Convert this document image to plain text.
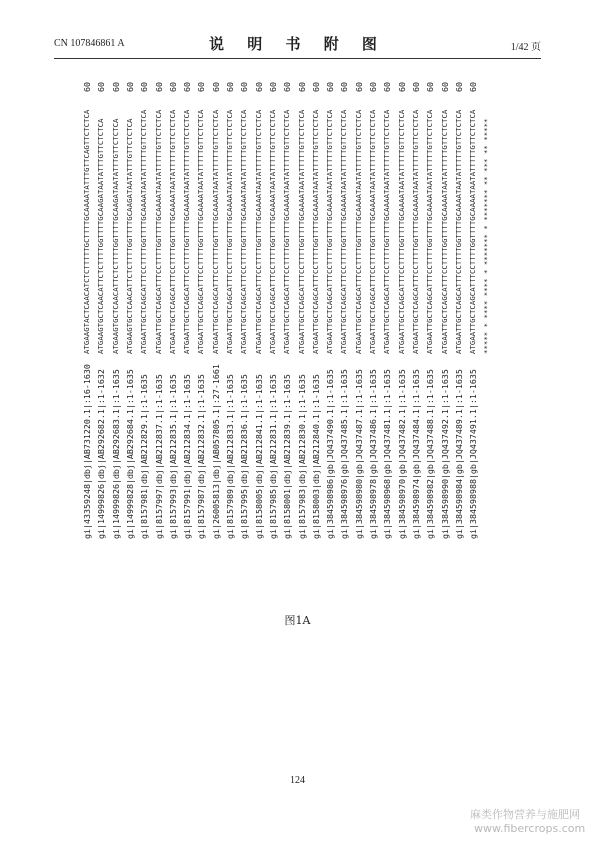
CN 107846861 A	说 明 书 附 图	1/42 页
gi|43359248|dbj|AB731220.1|:16-1630
ATGAAGTACTCAACATCTCTTTTTGCTTTTGCAAAATATTTGTTCAGTTCTCTCA
60
gi|14999826|dbj|AB292682.1|:1-1632
ATGAAGTGCTCAACATTCTCTTTTGGTTTTGCAAGATAATATTTGTTCTCTCA
60
gi|14999826|dbj|AB292683.1|:1-1635
ATGAAGTGCTCAACATTCTCTTTTGGTTTTGCAAGATAATATTTGTTCTCTCA
60
gi|14999828|dbj|AB292684.1|:1-1635
ATGAAGTGCTCAACATTCTCTTTTGGTTTTGCAAGATAATATTTGTTCTCTCA
60
gi|8157981|dbj|AB212829.1|:1-1635
ATGAATTGCTCAGCATTTCCTTTTGGTTTTGCAAAATAATATTTTTGTTCTCTCA
60
gi|8157997|dbj|AB212837.1|:1-1635
ATGAATTGCTCAGCATTTCCTTTTGGTTTTGCAAAATAATATTTTTGTTCTCTCA
60
gi|8157993|dbj|AB212835.1|:1-1635
ATGAATTGCTCAGCATTTCCTTTTGGTTTTGCAAAATAATATTTTTGTTCTCTCA
60
gi|8157991|dbj|AB212834.1|:1-1635
ATGAATTGCTCAGCATTTCCTTTTGGTTTTGCAAAATAATATTTTTGTTCTCTCA
60
gi|8157987|dbj|AB212832.1|:1-1635
ATGAATTGCTCAGCATTTCCTTTTGGTTTTGCAAAATAATATTTTTGTTCTCTCA
60
gi|26005813|dbj|AB057805.1|:27-1661
ATGAATTGCTCAGCATTTCCTTTTGGTTTTGCAAAATAATATTTTTGTTCTCTCA
60
gi|8157989|dbj|AB212833.1|:1-1635
ATGAATTGCTCAGCATTTCCTTTTGGTTTTGCAAAATAATATTTTTGTTCTCTCA
60
gi|8157995|dbj|AB212836.1|:1-1635
ATGAATTGCTCAGCATTTCCTTTTGGTTTTGCAAAATAATATTTTTGTTCTCTCA
60
gi|8158005|dbj|AB212841.1|:1-1635
ATGAATTGCTCAGCATTTCCTTTTGGTTTTGCAAAATAATATTTTTGTTCTCTCA
60
gi|8157985|dbj|AB212831.1|:1-1635
ATGAATTGCTCAGCATTTCCTTTTGGTTTTGCAAAATAATATTTTTGTTCTCTCA
60
gi|8158001|dbj|AB212839.1|:1-1635
ATGAATTGCTCAGCATTTCCTTTTGGTTTTGCAAAATAATATTTTTGTTCTCTCA
60
gi|8157983|dbj|AB212830.1|:1-1635
ATGAATTGCTCAGCATTTCCTTTTGGTTTTGCAAAATAATATTTTTGTTCTCTCA
60
gi|8158003|dbj|AB212840.1|:1-1635
ATGAATTGCTCAGCATTTCCTTTTGGTTTTGCAAAATAATATTTTTGTTCTCTCA
60
gi|384598986|gb|JQ437490.1|:1-1635
ATGAATTGCTCAGCATTTCCTTTTGGTTTTGCAAAATAATATTTTTGTTCTCTCA
60
gi|384598976|gb|JQ437485.1|:1-1635
ATGAATTGCTCAGCATTTCCTTTTGGTTTTGCAAAATAATATTTTTGTTCTCTCA
60
gi|384598980|gb|JQ437487.1|:1-1635
ATGAATTGCTCAGCATTTCCTTTTGGTTTTGCAAAATAATATTTTTGTTCTCTCA
60
gi|384598978|gb|JQ437486.1|:1-1635
ATGAATTGCTCAGCATTTCCTTTTGGTTTTGCAAAATAATATTTTTGTTCTCTCA
60
gi|384598968|gb|JQ437481.1|:1-1635
ATGAATTGCTCAGCATTTCCTTTTGGTTTTGCAAAATAATATTTTTGTTCTCTCA
60
gi|384598970|gb|JQ437482.1|:1-1635
ATGAATTGCTCAGCATTTCCTTTTGGTTTTGCAAAATAATATTTTTGTTCTCTCA
60
gi|384598974|gb|JQ437484.1|:1-1635
ATGAATTGCTCAGCATTTCCTTTTGGTTTTGCAAAATAATATTTTTGTTCTCTCA
60
gi|384598982|gb|JQ437488.1|:1-1635
ATGAATTGCTCAGCATTTCCTTTTGGTTTTGCAAAATAATATTTTTGTTCTCTCA
60
gi|384598990|gb|JQ437492.1|:1-1635
ATGAATTGCTCAGCATTTCCTTTTGGTTTTGCAAAATAATATTTTTGTTCTCTCA
60
gi|384598984|gb|JQ437489.1|:1-1635
ATGAATTGCTCAGCATTTCCTTTTGGTTTTGCAAAATAATATTTTTGTTCTCTCA
60
gi|384598988|gb|JQ437491.1|:1-1635
ATGAATTGCTCAGCATTTCCTTTTGGTTTTGCAAAATAATATTTTTGTTCTCTCA
60
***** * **** **** * ******* * ******* ** *** ** *****
图1A
124
麻类作物营养与施肥网
www.fibercrops.com
